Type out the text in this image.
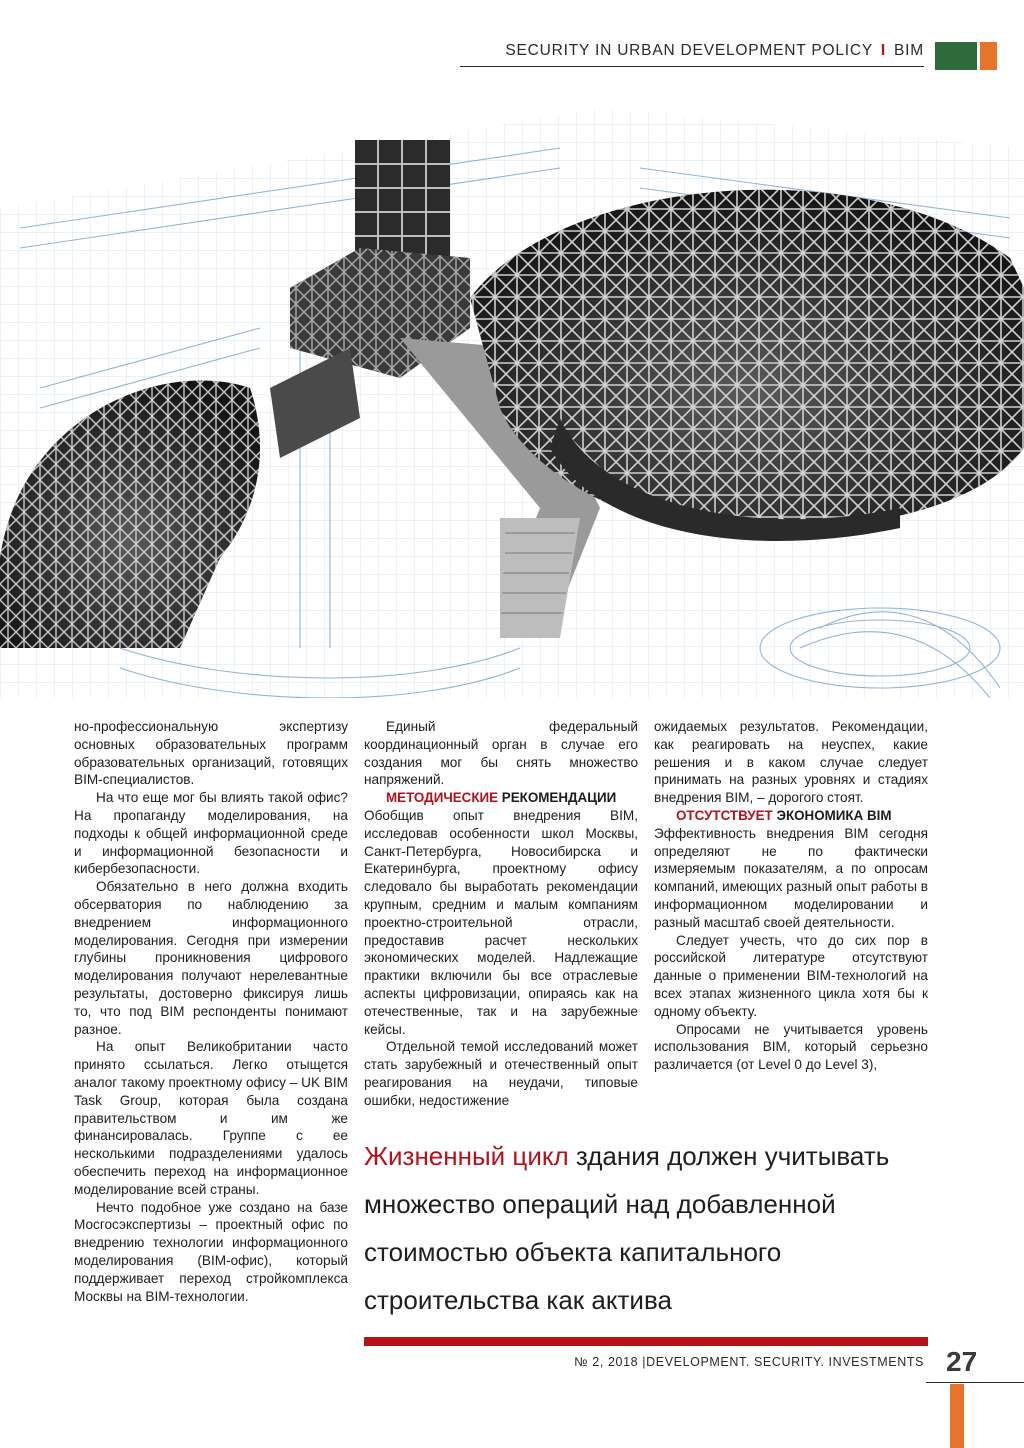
SECURITY IN URBAN DEVELOPMENT POLICY I BIM

но-профессиональную экспертизу основных образовательных программ образовательных организаций, готовящих BIM-специалистов.

На что еще мог бы влиять такой офис? На пропаганду моделирования, на подходы к общей информационной среде и информационной безопасности и кибербезопасности.

Обязательно в него должна входить обсерватория по наблюдению за внедрением информационного моделирования. Сегодня при измерении глубины проникновения цифрового моделирования получают нерелевантные результаты, достоверно фиксируя лишь то, что под BIM респонденты понимают разное.

На опыт Великобритании часто принято ссылаться. Легко отыщется аналог такому проектному офису – UK BIM Task Group, которая была создана правительством и им же финансировалась. Группе с ее несколькими подразделениями удалось обеспечить переход на информационное моделирование всей страны.

Нечто подобное уже создано на базе Мосгосэкспертизы – проектный офис по внедрению технологии информационного моделирования (BIM-офис), который поддерживает переход стройкомплекса Москвы на BIM-технологии.

Единый федеральный координационный орган в случае его создания мог бы снять множество напряжений.

МЕТОДИЧЕСКИЕ РЕКОМЕНДАЦИИ

Обобщив опыт внедрения BIM, исследовав особенности школ Москвы, Санкт-Петербурга, Новосибирска и Екатеринбурга, проектному офису следовало бы выработать рекомендации крупным, средним и малым компаниям проектно-строительной отрасли, предоставив расчет нескольких экономических моделей. Надлежащие практики включили бы все отраслевые аспекты цифровизации, опираясь как на отечественные, так и на зарубежные кейсы.

Отдельной темой исследований может стать зарубежный и отечественный опыт реагирования на неудачи, типовые ошибки, недостижение

ожидаемых результатов. Рекомендации, как реагировать на неуспех, какие решения и в каком случае следует принимать на разных уровнях и стадиях внедрения BIM, – дорогого стоят.

ОТСУТСТВУЕТ ЭКОНОМИКА BIM

Эффективность внедрения BIM сегодня определяют не по фактически измеряемым показателям, а по опросам компаний, имеющих разный опыт работы в информационном моделировании и разный масштаб своей деятельности.

Следует учесть, что до сих пор в российской литературе отсутствуют данные о применении BIM-технологий на всех этапах жизненного цикла хотя бы к одному объекту.

Опросами не учитывается уровень использования BIM, который серьезно различается (от Level 0 до Level 3),

Жизненный цикл здания должен учитывать
множество операций над добавленной
стоимостью объекта капитального
строительства как актива
№ 2, 2018 |DEVELOPMENT. SECURITY. INVESTMENTS 27
